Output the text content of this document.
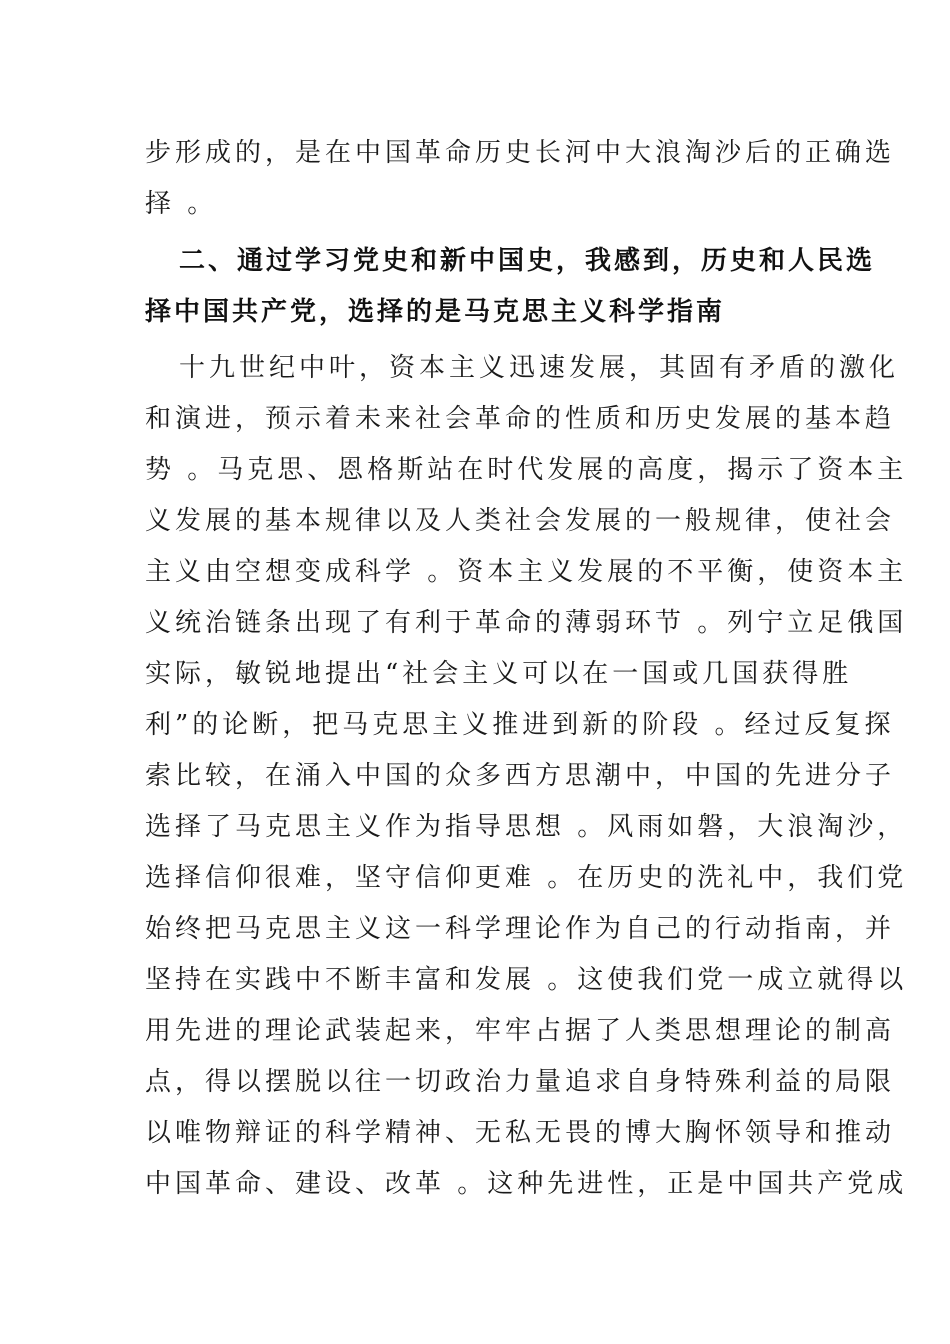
步形成的，是在中国革命历史长河中大浪淘沙后的正确选
择 。
二、通过学习党史和新中国史，我感到，历史和人民选
择中国共产党，选择的是马克思主义科学指南
十九世纪中叶，资本主义迅速发展，其固有矛盾的激化
和演进，预示着未来社会革命的性质和历史发展的基本趋
势 。马克思、恩格斯站在时代发展的高度，揭示了资本主
义发展的基本规律以及人类社会发展的一般规律，使社会
主义由空想变成科学 。资本主义发展的不平衡，使资本主
义统治链条出现了有利于革命的薄弱环节 。列宁立足俄国
实际，敏锐地提出“社会主义可以在一国或几国获得胜
利”的论断，把马克思主义推进到新的阶段 。经过反复探
索比较，在涌入中国的众多西方思潮中，中国的先进分子
选择了马克思主义作为指导思想 。风雨如磐，大浪淘沙，
选择信仰很难，坚守信仰更难 。在历史的洗礼中，我们党
始终把马克思主义这一科学理论作为自己的行动指南，并
坚持在实践中不断丰富和发展 。这使我们党一成立就得以
用先进的理论武装起来，牢牢占据了人类思想理论的制高
点，得以摆脱以往一切政治力量追求自身特殊利益的局限
以唯物辩证的科学精神、无私无畏的博大胸怀领导和推动
中国革命、建设、改革 。这种先进性，正是中国共产党成
